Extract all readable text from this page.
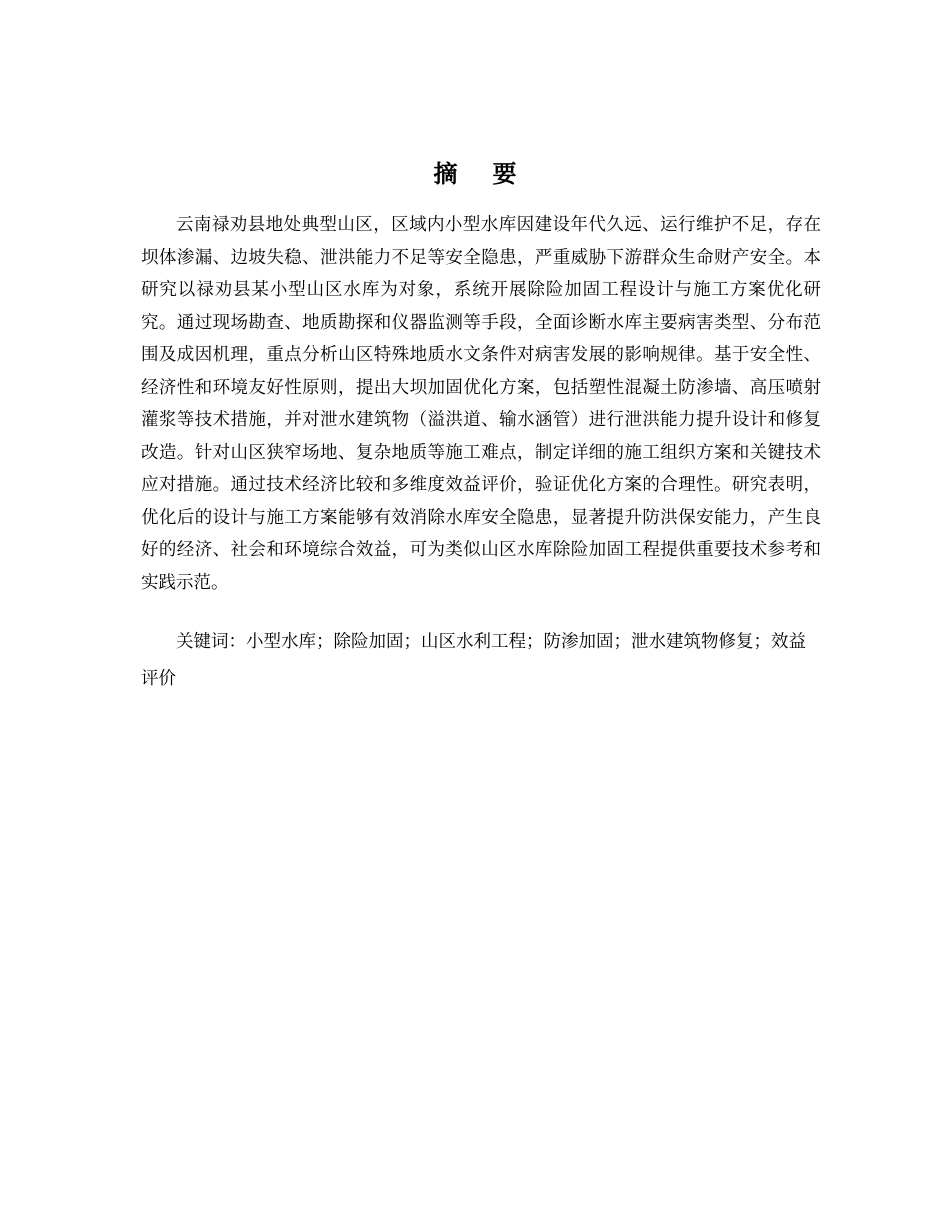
摘要

云南禄劝县地处典型山区，区域内小型水库因建设年代久远、运行维护不足，存在坝体渗漏、边坡失稳、泄洪能力不足等安全隐患，严重威胁下游群众生命财产安全。本研究以禄劝县某小型山区水库为对象，系统开展除险加固工程设计与施工方案优化研究。通过现场勘查、地质勘探和仪器监测等手段，全面诊断水库主要病害类型、分布范围及成因机理，重点分析山区特殊地质水文条件对病害发展的影响规律。基于安全性、经济性和环境友好性原则，提出大坝加固优化方案，包括塑性混凝土防渗墙、高压喷射灌浆等技术措施，并对泄水建筑物（溢洪道、输水涵管）进行泄洪能力提升设计和修复改造。针对山区狭窄场地、复杂地质等施工难点，制定详细的施工组织方案和关键技术应对措施。通过技术经济比较和多维度效益评价，验证优化方案的合理性。研究表明，优化后的设计与施工方案能够有效消除水库安全隐患，显著提升防洪保安能力，产生良好的经济、社会和环境综合效益，可为类似山区水库除险加固工程提供重要技术参考和实践示范。

关键词：小型水库；除险加固；山区水利工程；防渗加固；泄水建筑物修复；效益评价
